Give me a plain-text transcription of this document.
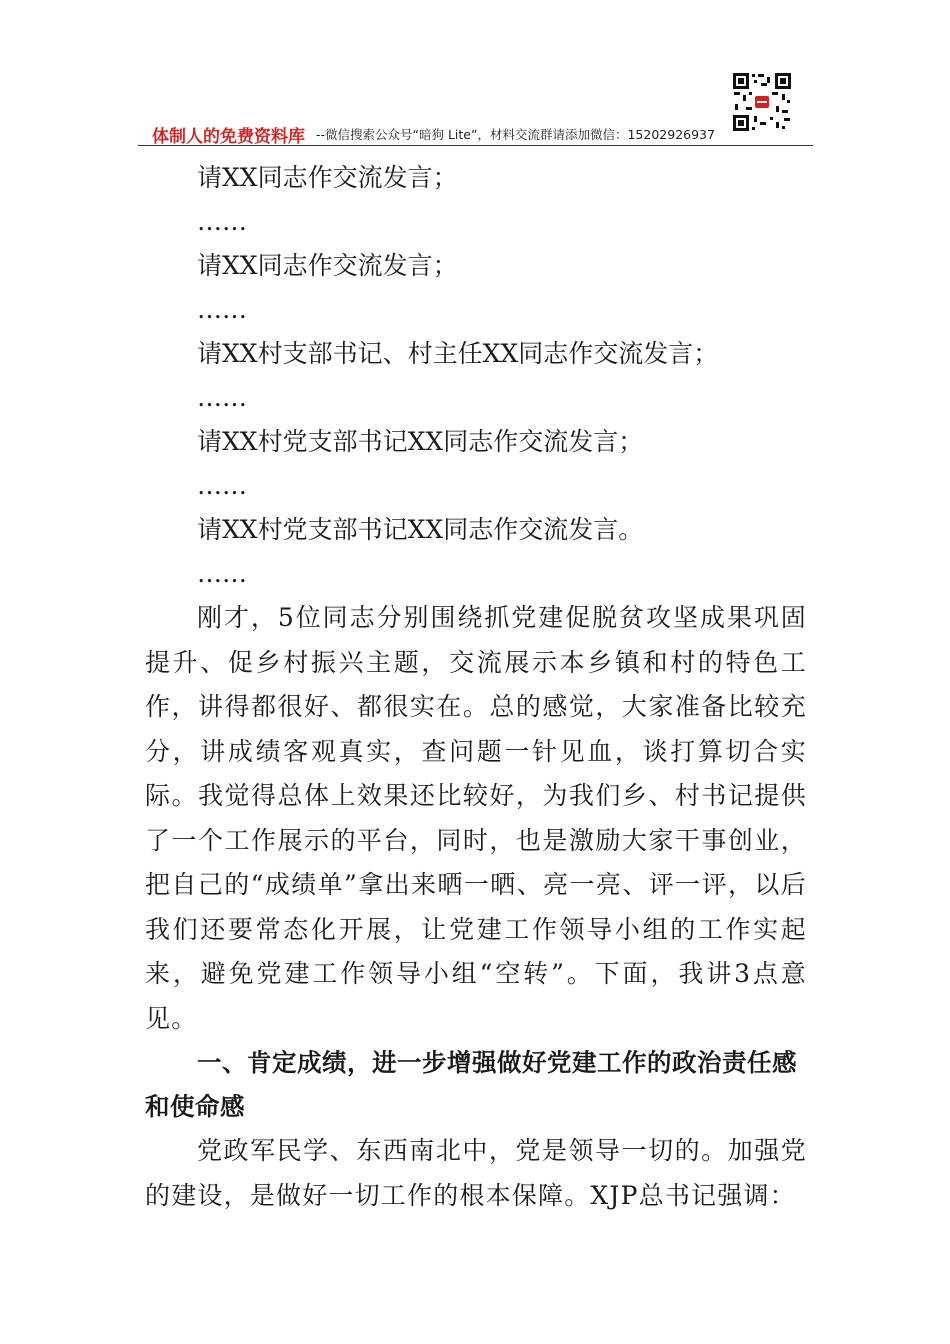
体制人的免费资料库 --微信搜索公众号“暗狗 Lite”，材料交流群请添加微信：15202926937
请XX同志作交流发言；
……
请XX同志作交流发言；
……
请XX村支部书记、村主任XX同志作交流发言；
……
请XX村党支部书记XX同志作交流发言；
……
请XX村党支部书记XX同志作交流发言。
……

刚才，5位同志分别围绕抓党建促脱贫攻坚成果巩固提升、促乡村振兴主题，交流展示本乡镇和村的特色工作，讲得都很好、都很实在。总的感觉，大家准备比较充分，讲成绩客观真实，查问题一针见血，谈打算切合实际。我觉得总体上效果还比较好，为我们乡、村书记提供了一个工作展示的平台，同时，也是激励大家干事创业，把自己的“成绩单”拿出来晒一晒、亮一亮、评一评，以后我们还要常态化开展，让党建工作领导小组的工作实起来，避免党建工作领导小组“空转”。下面，我讲3点意见。

一、肯定成绩，进一步增强做好党建工作的政治责任感和使命感

党政军民学、东西南北中，党是领导一切的。加强党的建设，是做好一切工作的根本保障。XJP总书记强调：
